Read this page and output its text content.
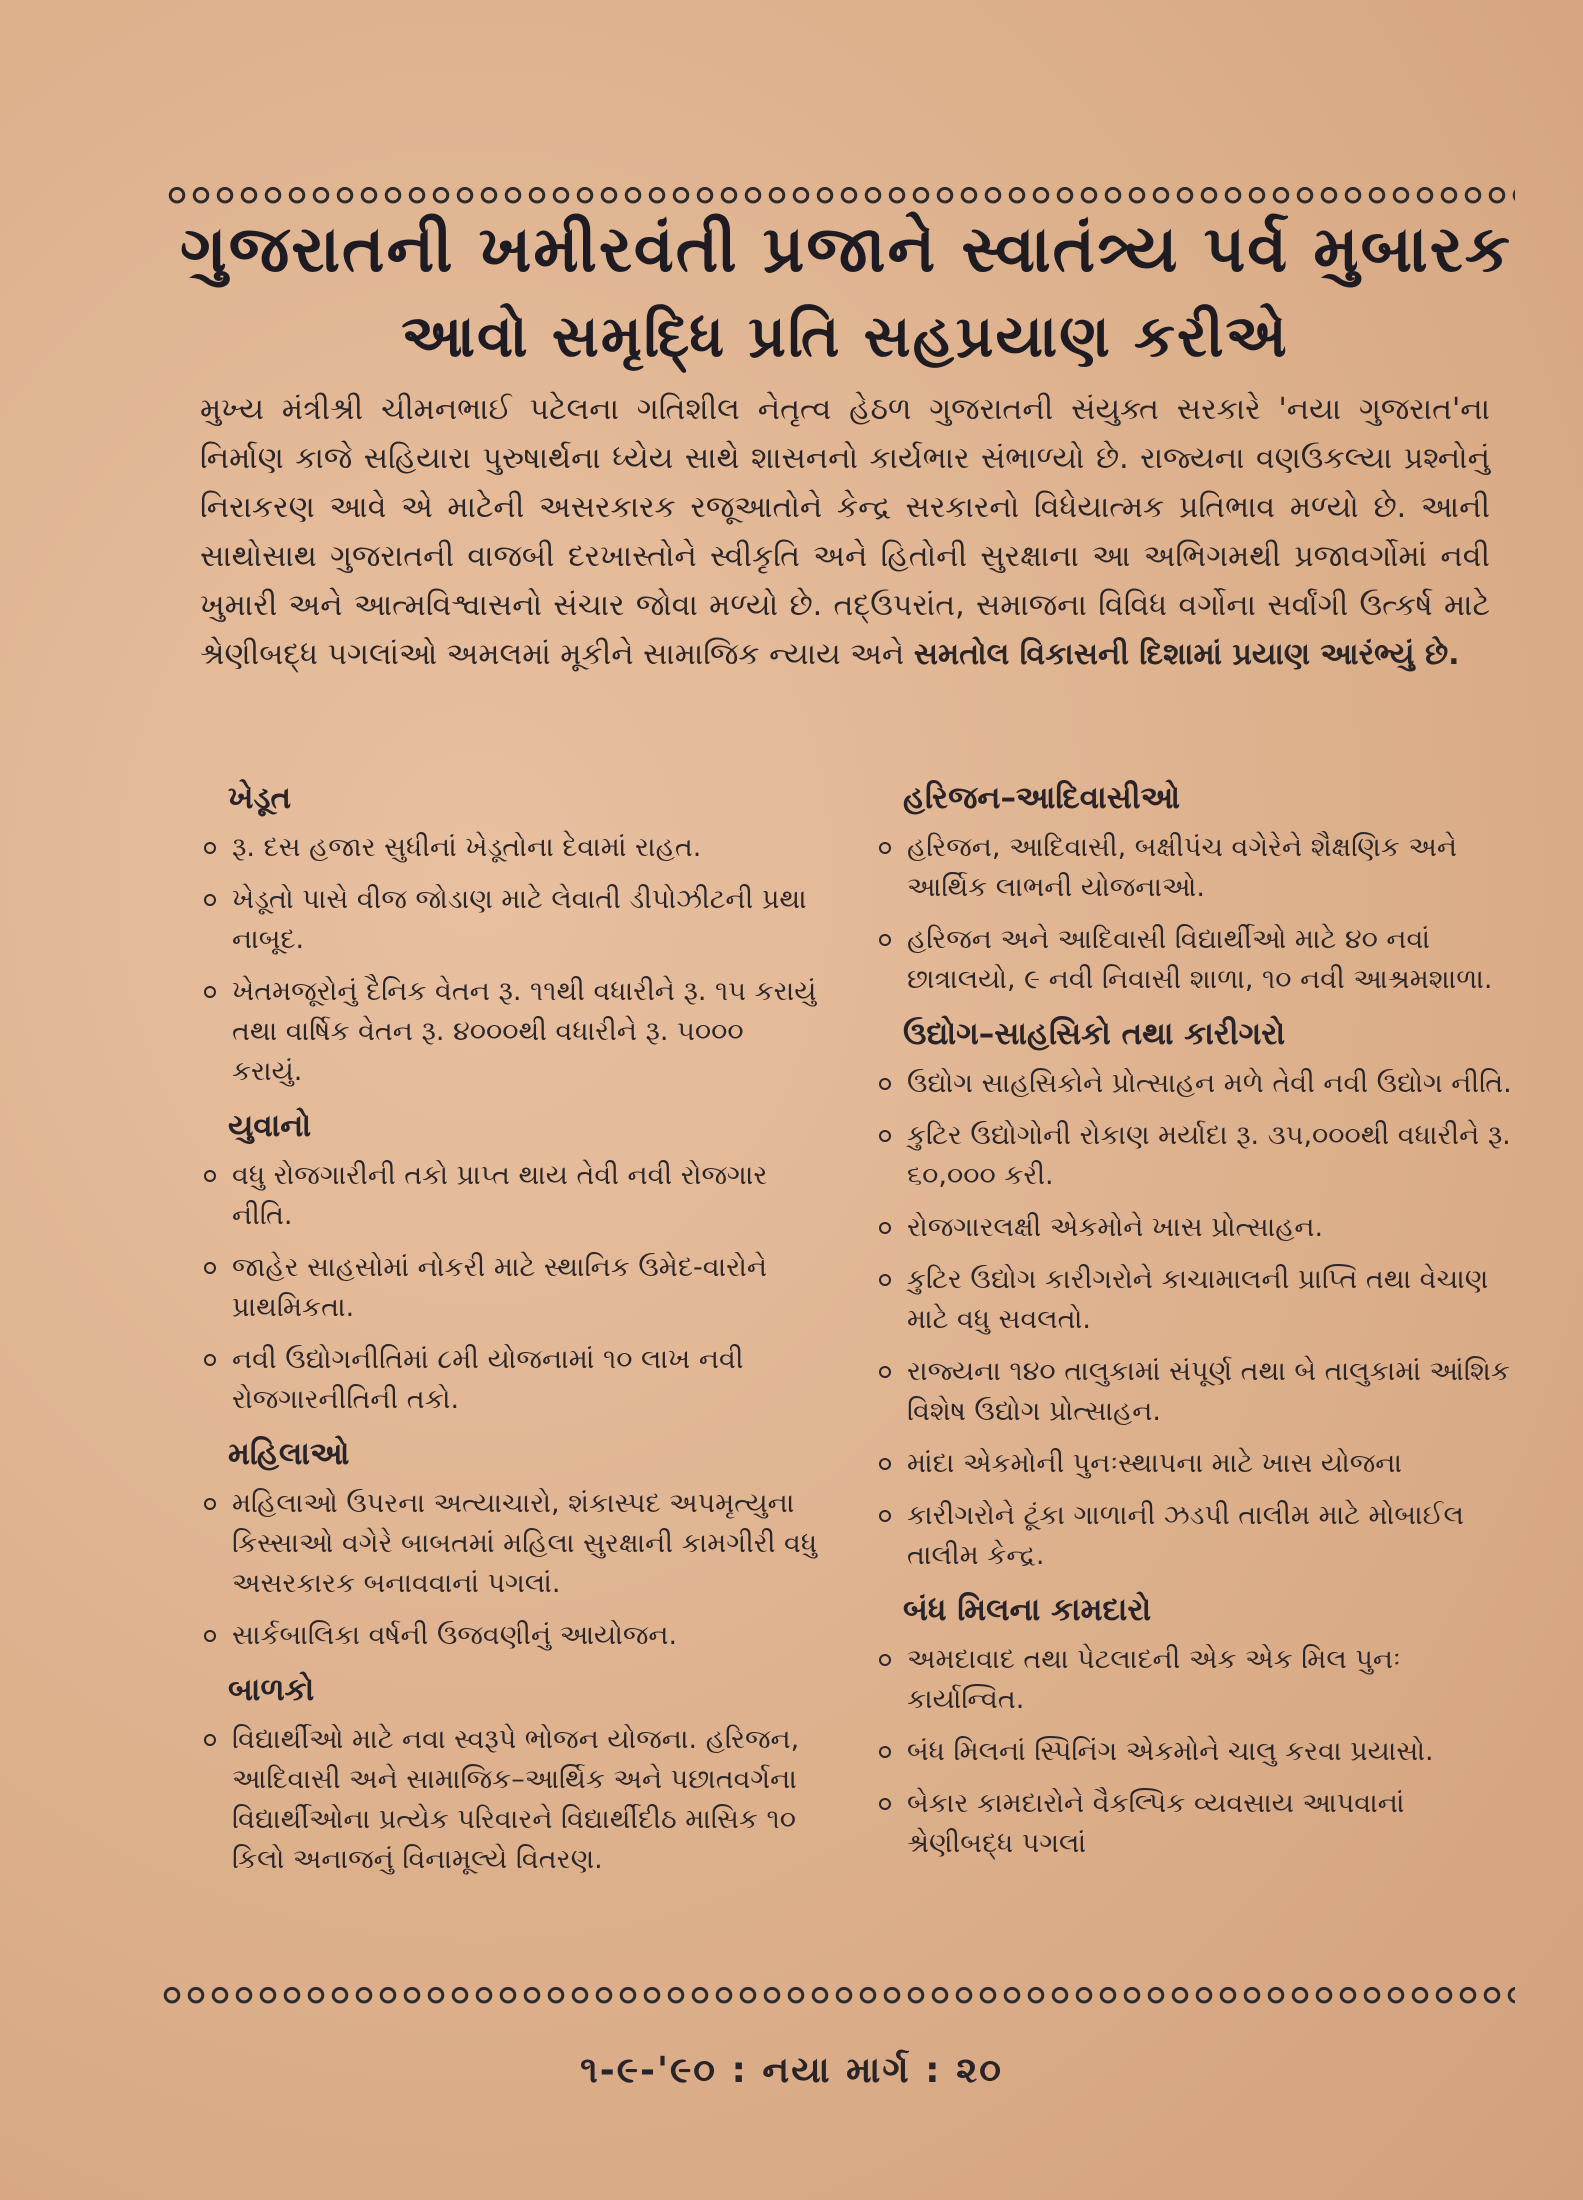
ગુજરાતની ખમીરવંતી પ્રજાને સ્વાતંત્ર્ય પર્વ મુબારક
આવો સમૃદ્ધિ પ્રતિ સહપ્રયાણ કરીએ
મુખ્ય મંત્રીશ્રી ચીમનભાઈ પટેલના ગતિશીલ નેતૃત્વ હેઠળ ગુજરાતની સંયુક્ત સરકારે 'નયા ગુજરાત'ના નિર્માણ કાજે સહિયારા પુરુષાર્થના ધ્યેય સાથે શાસનનો કાર્યભાર સંભાળ્યો છે. રાજ્યના વણઉકલ્યા પ્રશ્નોનું નિરાકરણ આવે એ માટેની અસરકારક રજૂઆતોને કેન્દ્ર સરકારનો વિધેયાત્મક પ્રતિભાવ મળ્યો છે. આની સાથોસાથ ગુજરાતની વાજબી દરખાસ્તોને સ્વીકૃતિ અને હિતોની સુરક્ષાના આ અભિગમથી પ્રજાવર્ગોમાં નવી ખુમારી અને આત્મવિશ્વાસનો સંચાર જોવા મળ્યો છે. તદ્ઉપરાંત, સમાજના વિવિધ વર્ગોના સર્વાંગી ઉત્કર્ષ માટે શ્રેણીબદ્ધ પગલાંઓ અમલમાં મૂકીને સામાજિક ન્યાય અને સમતોલ વિકાસની દિશામાં પ્રયાણ આરંભ્યું છે.
ખેડૂત
રૂ. દસ હજાર સુધીનાં ખેડૂતોના દેવામાં રાહત.
ખેડૂતો પાસે વીજ જોડાણ માટે લેવાતી ડીપોઝીટની પ્રથા નાબૂદ.
ખેતમજૂરોનું દૈનિક વેતન રૂ. ૧૧થી વધારીને રૂ. ૧૫ કરાયું તથા વાર્ષિક વેતન રૂ. ૪૦૦૦થી વધારીને રૂ. ૫૦૦૦ કરાયું.
યુવાનો
વધુ રોજગારીની તકો પ્રાપ્ત થાય તેવી નવી રોજગાર નીતિ.
જાહેર સાહસોમાં નોકરી માટે સ્થાનિક ઉમેદ-વારોને પ્રાથમિકતા.
નવી ઉદ્યોગનીતિમાં ૮મી યોજનામાં ૧૦ લાખ નવી રોજગારનીતિની તકો.
મહિલાઓ
મહિલાઓ ઉપરના અત્યાચારો, શંકાસ્પદ અપમૃત્યુના કિસ્સાઓ વગેરે બાબતમાં મહિલા સુરક્ષાની કામગીરી વધુ અસરકારક બનાવવાનાં પગલાં.
સાર્કબાલિકા વર્ષની ઉજવણીનું આયોજન.
બાળકો
વિદ્યાર્થીઓ માટે નવા સ્વરૂપે ભોજન યોજના. હરિજન, આદિવાસી અને સામાજિક–આર્થિક અને પછાતવર્ગના વિદ્યાર્થીઓના પ્રત્યેક પરિવારને વિદ્યાર્થીદીઠ માસિક ૧૦ કિલો અનાજનું વિનામૂલ્યે વિતરણ.
હરિજન–આદિવાસીઓ
હરિજન, આદિવાસી, બક્ષીપંચ વગેરેને શૈક્ષણિક અને આર્થિક લાભની યોજનાઓ.
હરિજન અને આદિવાસી વિદ્યાર્થીઓ માટે ૪૦ નવાં છાત્રાલયો, ૯ નવી નિવાસી શાળા, ૧૦ નવી આશ્રમશાળા.
ઉદ્યોગ–સાહસિકો તથા કારીગરો
ઉદ્યોગ સાહસિકોને પ્રોત્સાહન મળે તેવી નવી ઉદ્યોગ નીતિ.
કુટિર ઉદ્યોગોની રોકાણ મર્યાદા રૂ. ૩૫,૦૦૦થી વધારીને રૂ. ૬૦,૦૦૦ કરી.
રોજગારલક્ષી એકમોને ખાસ પ્રોત્સાહન.
કુટિર ઉદ્યોગ કારીગરોને કાચામાલની પ્રાપ્તિ તથા વેચાણ માટે વધુ સવલતો.
રાજ્યના ૧૪૦ તાલુકામાં સંપૂર્ણ તથા બે તાલુકામાં આંશિક વિશેષ ઉદ્યોગ પ્રોત્સાહન.
માંદા એકમોની પુનઃસ્થાપના માટે ખાસ યોજના
કારીગરોને ટૂંકા ગાળાની ઝડપી તાલીમ માટે મોબાઈલ તાલીમ કેન્દ્ર.
બંધ મિલના કામદારો
અમદાવાદ તથા પેટલાદની એક એક મિલ પુનઃ કાર્યાન્વિત.
બંધ મિલનાં સ્પિનિંગ એકમોને ચાલુ કરવા પ્રયાસો.
બેકાર કામદારોને વૈકલ્પિક વ્યવસાય આપવાનાં શ્રેણીબદ્ધ પગલાં
૧-૯-'૯૦ : નયા માર્ગ : ૨૦
